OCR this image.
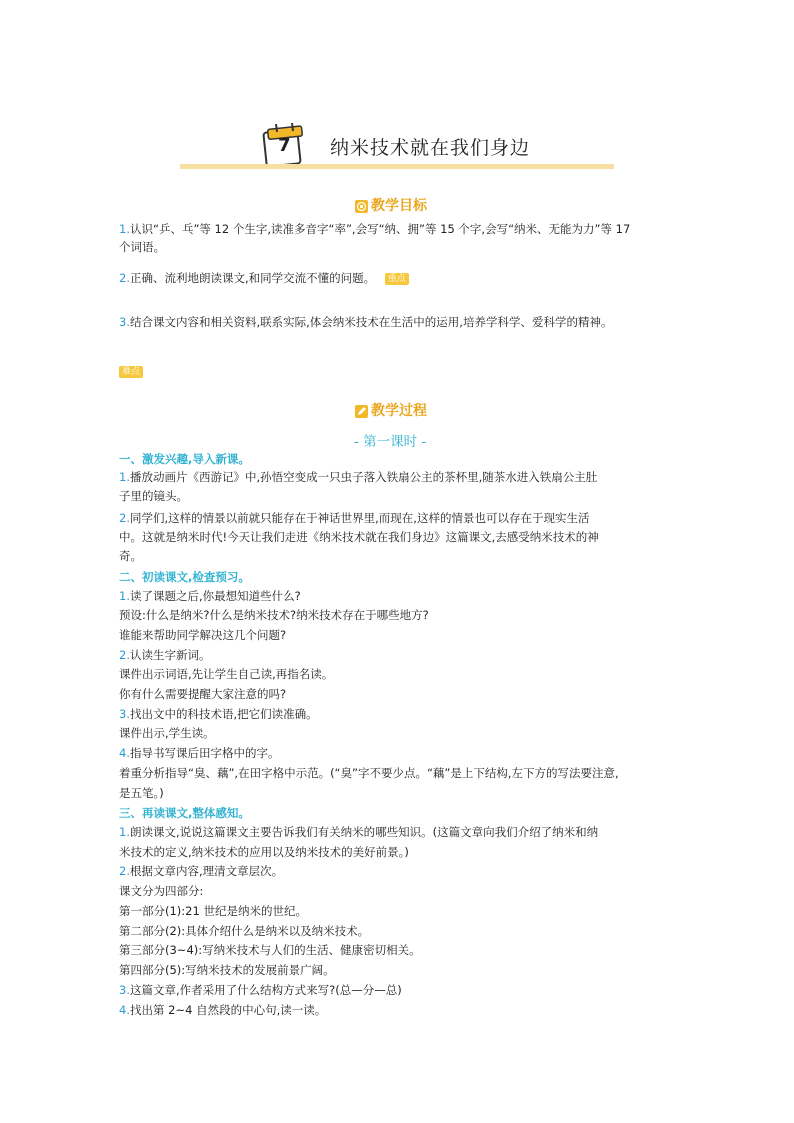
7 纳米技术就在我们身边
教学目标
1.认识“乒、乓”等 12 个生字,读准多音字“率”,会写“纳、拥”等 15 个字,会写“纳米、无能为力”等 17
个词语。
2.正确、流利地朗读课文,和同学交流不懂的问题。 重点
3.结合课文内容和相关资料,联系实际,体会纳米技术在生活中的运用,培养学科学、爱科学的精神。
难点
教学过程
- 第一课时 -
一、激发兴趣,导入新课。
1.播放动画片《西游记》中,孙悟空变成一只虫子落入铁扇公主的茶杯里,随茶水进入铁扇公主肚
子里的镜头。
2.同学们,这样的情景以前就只能存在于神话世界里,而现在,这样的情景也可以存在于现实生活
中。这就是纳米时代!今天让我们走进《纳米技术就在我们身边》这篇课文,去感受纳米技术的神
奇。
二、初读课文,检查预习。
1.读了课题之后,你最想知道些什么?
预设:什么是纳米?什么是纳米技术?纳米技术存在于哪些地方?
谁能来帮助同学解决这几个问题?
2.认读生字新词。
课件出示词语,先让学生自己读,再指名读。
你有什么需要提醒大家注意的吗?
3.找出文中的科技术语,把它们读准确。
课件出示,学生读。
4.指导书写课后田字格中的字。
着重分析指导“臭、藕”,在田字格中示范。(“臭”字不要少点。“藕”是上下结构,左下方的写法要注意,
是五笔。)
三、再读课文,整体感知。
1.朗读课文,说说这篇课文主要告诉我们有关纳米的哪些知识。(这篇文章向我们介绍了纳米和纳
米技术的定义,纳米技术的应用以及纳米技术的美好前景。)
2.根据文章内容,理清文章层次。
课文分为四部分:
第一部分(1):21 世纪是纳米的世纪。
第二部分(2):具体介绍什么是纳米以及纳米技术。
第三部分(3~4):写纳米技术与人们的生活、健康密切相关。
第四部分(5):写纳米技术的发展前景广阔。
3.这篇文章,作者采用了什么结构方式来写?(总—分—总)
4.找出第 2~4 自然段的中心句,读一读。
